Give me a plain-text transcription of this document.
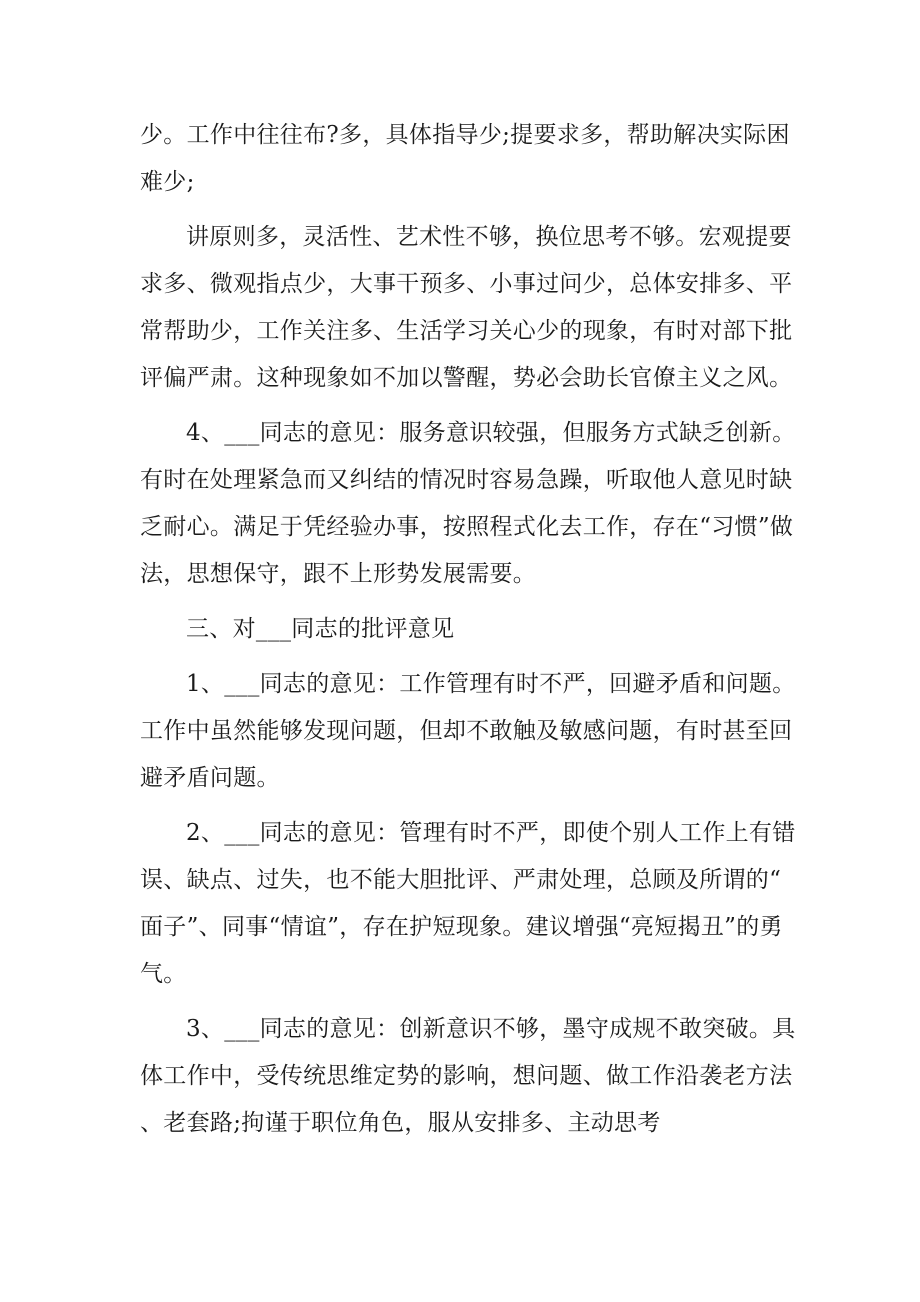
少。工作中往往布?多，具体指导少;提要求多，帮助解决实际困难少;

讲原则多，灵活性、艺术性不够，换位思考不够。宏观提要求多、微观指点少，大事干预多、小事过问少，总体安排多、平常帮助少，工作关注多、生活学习关心少的现象，有时对部下批评偏严肃。这种现象如不加以警醒，势必会助长官僚主义之风。

4、___同志的意见：服务意识较强，但服务方式缺乏创新。有时在处理紧急而又纠结的情况时容易急躁，听取他人意见时缺乏耐心。满足于凭经验办事，按照程式化去工作，存在“习惯”做法，思想保守，跟不上形势发展需要。

三、对___同志的批评意见

1、___同志的意见：工作管理有时不严，回避矛盾和问题。工作中虽然能够发现问题，但却不敢触及敏感问题，有时甚至回避矛盾问题。

2、___同志的意见：管理有时不严，即使个别人工作上有错误、缺点、过失，也不能大胆批评、严肃处理，总顾及所谓的“面子”、同事“情谊”，存在护短现象。建议增强“亮短揭丑”的勇气。

3、___同志的意见：创新意识不够，墨守成规不敢突破。具体工作中，受传统思维定势的影响，想问题、做工作沿袭老方法、老套路;拘谨于职位角色，服从安排多、主动思考
